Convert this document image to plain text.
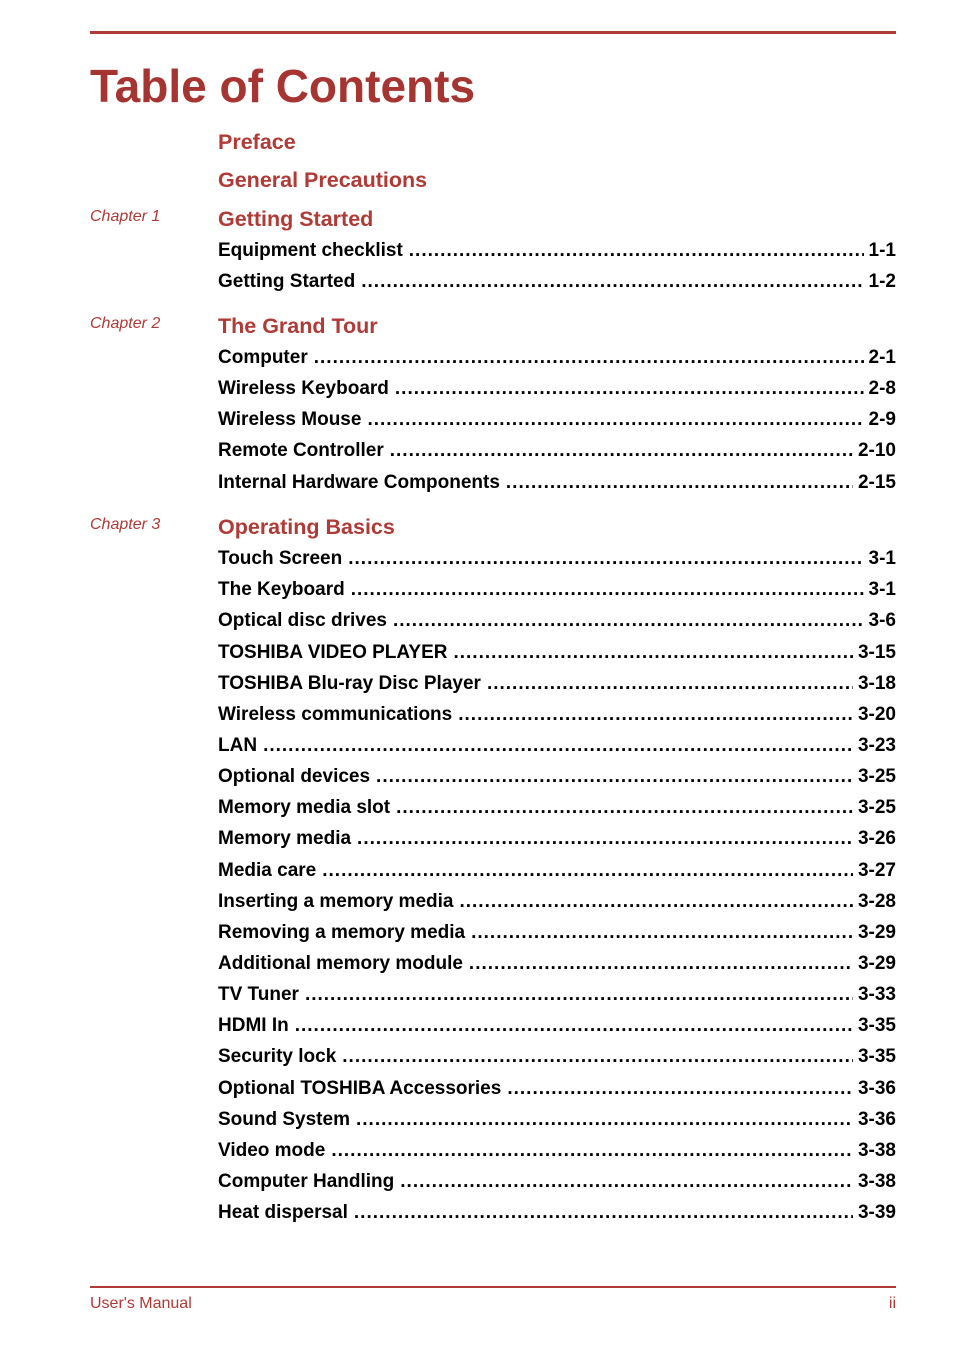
Table of Contents
Preface
General Precautions
Chapter 1	Getting Started
Equipment checklist .....	1-1
Getting Started .....	1-2
Chapter 2	The Grand Tour
Computer .....	2-1
Wireless Keyboard .....	2-8
Wireless Mouse .....	2-9
Remote Controller .....	2-10
Internal Hardware Components .....	2-15
Chapter 3	Operating Basics
Touch Screen .....	3-1
The Keyboard .....	3-1
Optical disc drives .....	3-6
TOSHIBA VIDEO PLAYER .....	3-15
TOSHIBA Blu-ray Disc Player .....	3-18
Wireless communications .....	3-20
LAN .....	3-23
Optional devices .....	3-25
Memory media slot .....	3-25
Memory media .....	3-26
Media care .....	3-27
Inserting a memory media .....	3-28
Removing a memory media .....	3-29
Additional memory module .....	3-29
TV Tuner .....	3-33
HDMI In .....	3-35
Security lock .....	3-35
Optional TOSHIBA Accessories .....	3-36
Sound System .....	3-36
Video mode .....	3-38
Computer Handling .....	3-38
Heat dispersal .....	3-39
User's Manual	ii
